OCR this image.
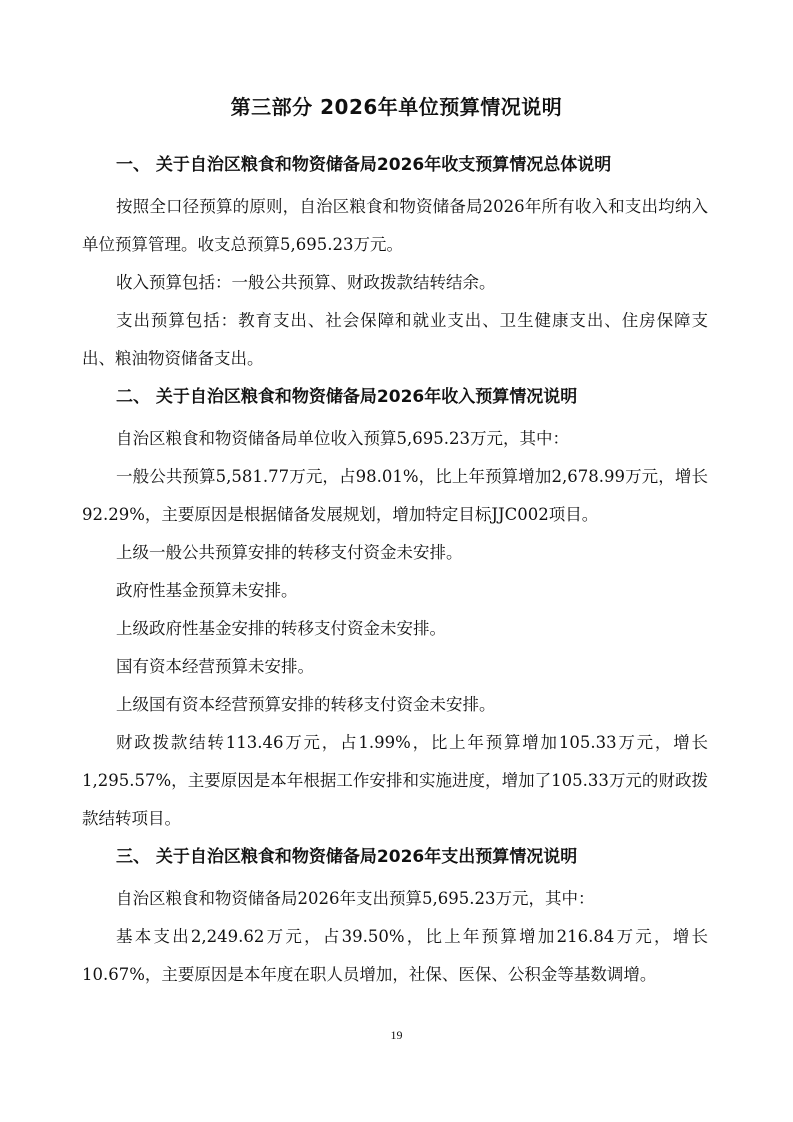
第三部分 2026年单位预算情况说明

一、 关于自治区粮食和物资储备局2026年收支预算情况总体说明

按照全口径预算的原则，自治区粮食和物资储备局2026年所有收入和支出均纳入单位预算管理。收支总预算5,695.23万元。

收入预算包括：一般公共预算、财政拨款结转结余。

支出预算包括：教育支出、社会保障和就业支出、卫生健康支出、住房保障支出、粮油物资储备支出。

二、 关于自治区粮食和物资储备局2026年收入预算情况说明

自治区粮食和物资储备局单位收入预算5,695.23万元，其中：

一般公共预算5,581.77万元，占98.01%，比上年预算增加2,678.99万元，增长92.29%，主要原因是根据储备发展规划，增加特定目标JJC002项目。

上级一般公共预算安排的转移支付资金未安排。

政府性基金预算未安排。

上级政府性基金安排的转移支付资金未安排。

国有资本经营预算未安排。

上级国有资本经营预算安排的转移支付资金未安排。

财政拨款结转113.46万元，占1.99%，比上年预算增加105.33万元，增长1,295.57%，主要原因是本年根据工作安排和实施进度，增加了105.33万元的财政拨款结转项目。

三、 关于自治区粮食和物资储备局2026年支出预算情况说明

自治区粮食和物资储备局2026年支出预算5,695.23万元，其中：

基本支出2,249.62万元，占39.50%，比上年预算增加216.84万元，增长10.67%，主要原因是本年度在职人员增加，社保、医保、公积金等基数调增。

19
